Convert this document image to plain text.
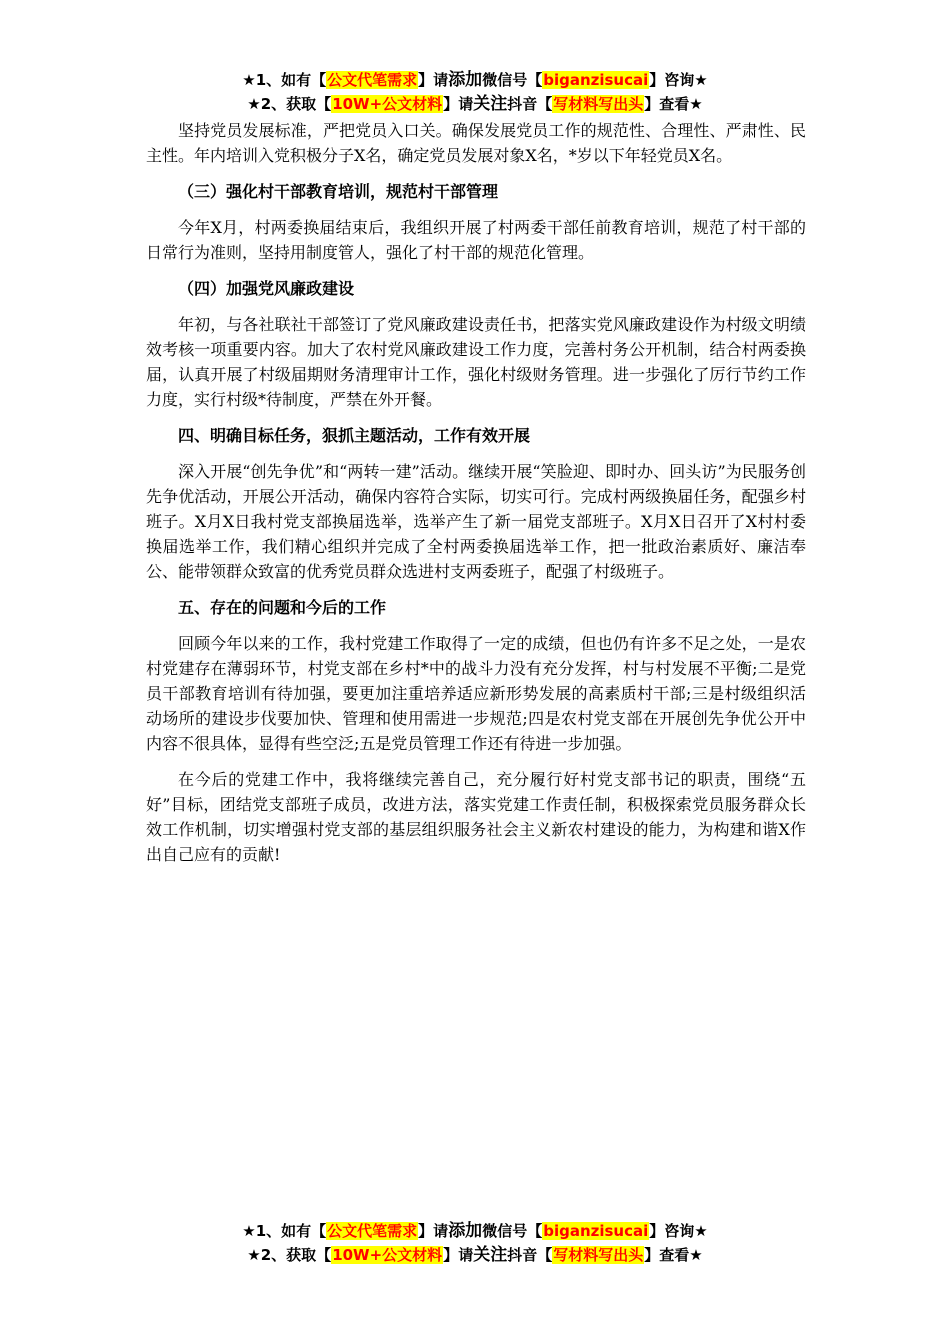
★1、如有【公文代笔需求】请添加微信号【biganzisucai】咨询★
★2、获取【10W+公文材料】请关注抖音【写材料写出头】查看★

坚持党员发展标准，严把党员入口关。确保发展党员工作的规范性、合理性、严肃性、民主性。年内培训入党积极分子X名，确定党员发展对象X名，*岁以下年轻党员X名。

（三）强化村干部教育培训，规范村干部管理

今年X月，村两委换届结束后，我组织开展了村两委干部任前教育培训，规范了村干部的日常行为准则，坚持用制度管人，强化了村干部的规范化管理。

（四）加强党风廉政建设

年初，与各社联社干部签订了党风廉政建设责任书，把落实党风廉政建设作为村级文明绩效考核一项重要内容。加大了农村党风廉政建设工作力度，完善村务公开机制，结合村两委换届，认真开展了村级届期财务清理审计工作，强化村级财务管理。进一步强化了厉行节约工作力度，实行村级*待制度，严禁在外开餐。

四、明确目标任务，狠抓主题活动，工作有效开展

深入开展“创先争优”和“两转一建”活动。继续开展“笑脸迎、即时办、回头访”为民服务创先争优活动，开展公开活动，确保内容符合实际，切实可行。完成村两级换届任务，配强乡村班子。X月X日我村党支部换届选举，选举产生了新一届党支部班子。X月X日召开了X村村委换届选举工作，我们精心组织并完成了全村两委换届选举工作，把一批政治素质好、廉洁奉公、能带领群众致富的优秀党员群众选进村支两委班子，配强了村级班子。

五、存在的问题和今后的工作

回顾今年以来的工作，我村党建工作取得了一定的成绩，但也仍有许多不足之处，一是农村党建存在薄弱环节，村党支部在乡村*中的战斗力没有充分发挥，村与村发展不平衡;二是党员干部教育培训有待加强，要更加注重培养适应新形势发展的高素质村干部;三是村级组织活动场所的建设步伐要加快、管理和使用需进一步规范;四是农村党支部在开展创先争优公开中内容不很具体，显得有些空泛;五是党员管理工作还有待进一步加强。

在今后的党建工作中，我将继续完善自己，充分履行好村党支部书记的职责，围绕“五好”目标，团结党支部班子成员，改进方法，落实党建工作责任制，积极探索党员服务群众长效工作机制，切实增强村党支部的基层组织服务社会主义新农村建设的能力，为构建和谐X作出自己应有的贡献!

★1、如有【公文代笔需求】请添加微信号【biganzisucai】咨询★
★2、获取【10W+公文材料】请关注抖音【写材料写出头】查看★
